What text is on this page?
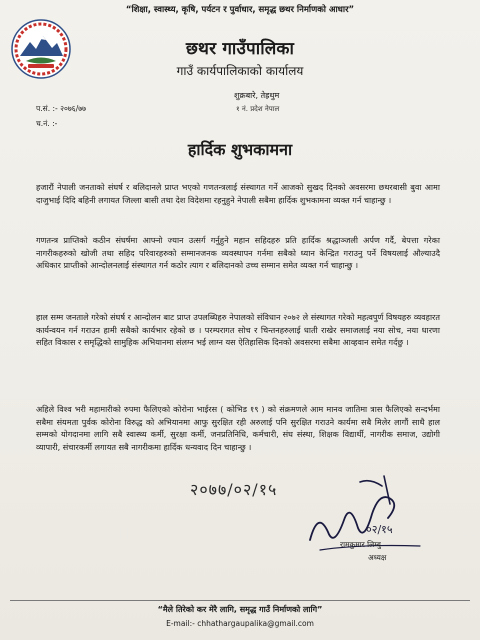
“शिक्षा, स्वास्थ्य, कृषि, पर्यटन र पुर्वाधार, समृद्ध छथर निर्माणको आधार”
छथर गाउँपालिका
गाउँ कार्यपालिकाको कार्यालय
शुक्रबारे, तेह्रथुम
१ नं. प्रदेश नेपाल
प.सं. :- २०७६/७७
च.नं. :-
हार्दिक शुभकामना
हजारौं नेपाली जनताको संघर्ष र बलिदानले प्राप्त भएको गणतन्त्रलाई संस्थागत गर्ने आजको सुखद दिनको अवसरमा छथरबासी बुवा आमा दाजुभाई दिदि बहिनी लगायत जिल्ला बासी तथा देश विदेशमा रहनुहुने नेपाली सबैमा हार्दिक शुभकामना व्यक्त गर्न चाहान्छु ।
गणतन्त्र प्राप्तिको कठीन संघर्षमा आफ्नो ज्यान उत्सर्ग गर्नुहुने महान सहिदहरु प्रति हार्दिक श्रद्धाञ्जली अर्पण गर्दै, बेपत्ता गरेका नागरीकहरुको खोजी तथा सहिद परिवारहरुको सम्मानजनक व्यवस्थापन गर्नमा सबैको ध्यान केन्द्रित गराउनु पर्ने विषयलाई औल्याउदै अधिकार प्राप्तीको आन्दोलनलाई संस्थागत गर्न कठोर त्याग र बलिदानको उच्च सम्मान समेत व्यक्त गर्न चाहान्छु ।
हाल सम्म जनताले गरेको संघर्ष र आन्दोलन बाट प्राप्त उपलब्धिहरु नेपालको संविधान २०७२ ले संस्थागत गरेको महत्वपुर्ण विषयहरु व्यवहारत कार्यन्वयन गर्न गराउन हामी सबैको कार्यभार रहेको छ । परम्परागत सोच र चिन्तनहरुलाई धाती राखेर समाजलाई नया सोच, नया धारणा सहित विकास र समृद्धिको सामुहिक अभियानमा संलग्न भई लाग्न यस ऐतिहासिक दिनको अवसरमा सबैमा आव्हवान समेत गर्दछु ।
अहिले विश्व भरी महामारीको रुपमा फैलिएको कोरोना भाईरस ( कोभिड १९ ) को संक्रमणले आम मानव जातिमा त्रास फैलिएको सन्दर्भमा सबैमा संयमता पुर्वक कोरोना विरुद्ध को अभियानमा आफु सुरक्षित रही अरुलाई पनि सुरक्षित गराउने कार्यमा सबै मिलेर लागौं साथै हाल सम्मको योगदानमा लागि सबै स्वास्थ्य कर्मी, सुरक्षा कर्मी, जनप्रतिनिधि, कर्मचारी, संघ संस्था, शिक्षक विद्यार्थी, नागरीक समाज, उद्योगी व्यापारी, संचारकर्मी लगायत सबै नागरीकमा हार्दिक धन्यवाद दिन चाहान्छु ।
२०७७/०२/१५
०२/१५
रामकुमार लिम्बु
अध्यक्ष
“मैले तिरेको कर मेरै लागि, समृद्ध गाउँ निर्माणको लागि”
E-mail:- chhathargaupalika@gmail.com
